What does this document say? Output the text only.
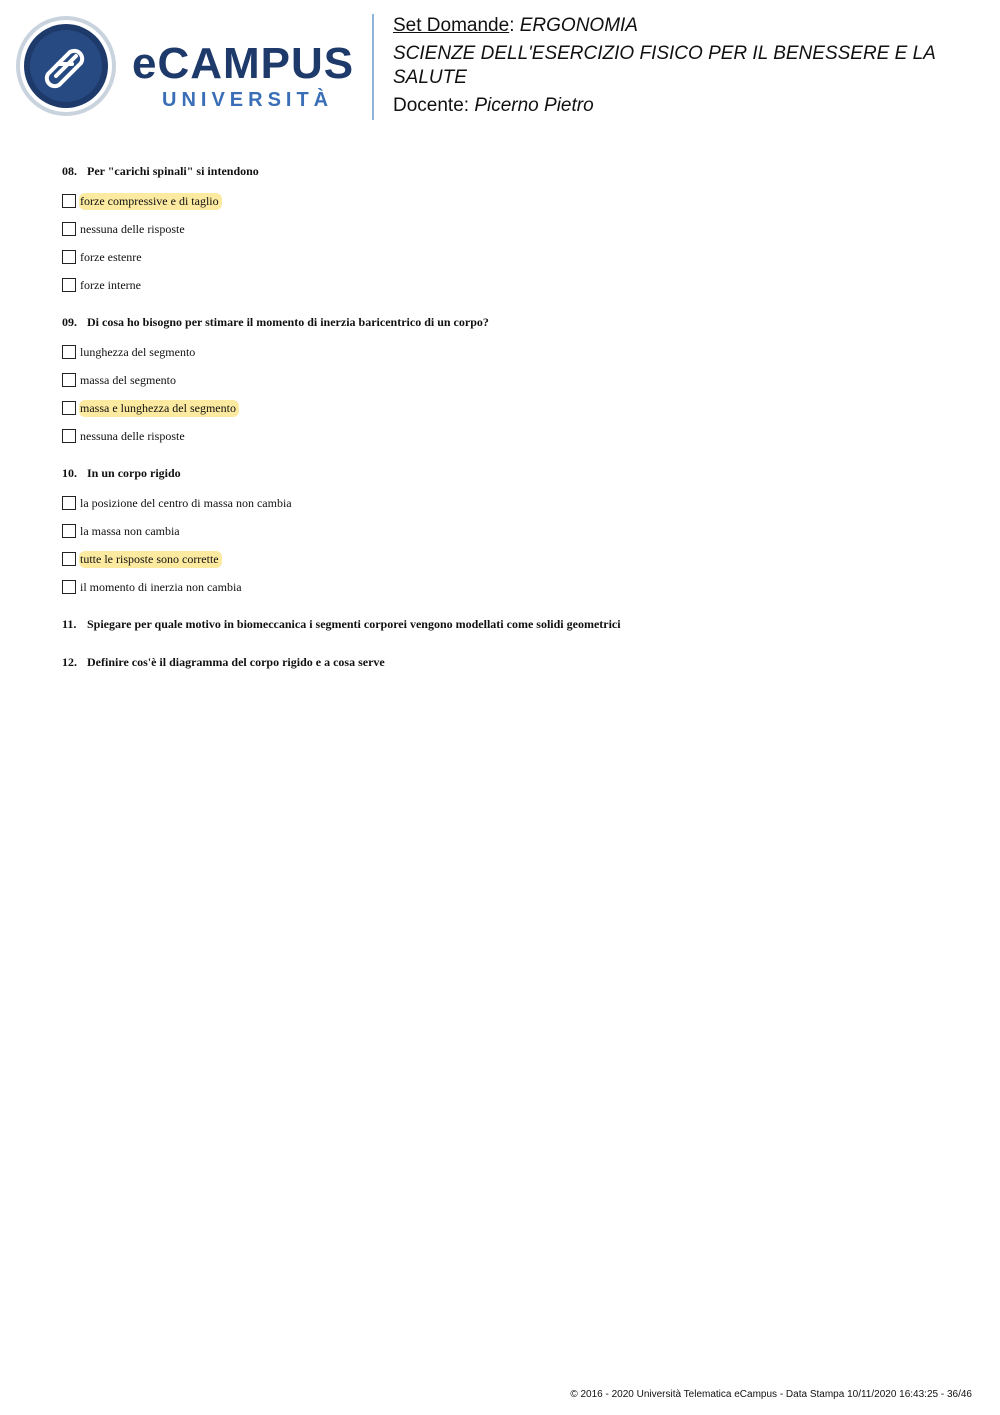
eCAMPUS
UNIVERSITÀ
Set Domande: ERGONOMIA
SCIENZE DELL'ESERCIZIO FISICO PER IL BENESSERE E LA SALUTE
Docente: Picerno Pietro
08. Per "carichi spinali" si intendono
forze compressive e di taglio
nessuna delle risposte
forze estenre
forze interne
09. Di cosa ho bisogno per stimare il momento di inerzia baricentrico di un corpo?
lunghezza del segmento
massa del segmento
massa e lunghezza del segmento
nessuna delle risposte
10. In un corpo rigido
la posizione del centro di massa non cambia
la massa non cambia
tutte le risposte sono corrette
il momento di inerzia non cambia
11. Spiegare per quale motivo in biomeccanica i segmenti corporei vengono modellati come solidi geometrici
12. Definire cos'è il diagramma del corpo rigido e a cosa serve
© 2016 - 2020 Università Telematica eCampus - Data Stampa 10/11/2020 16:43:25 - 36/46
